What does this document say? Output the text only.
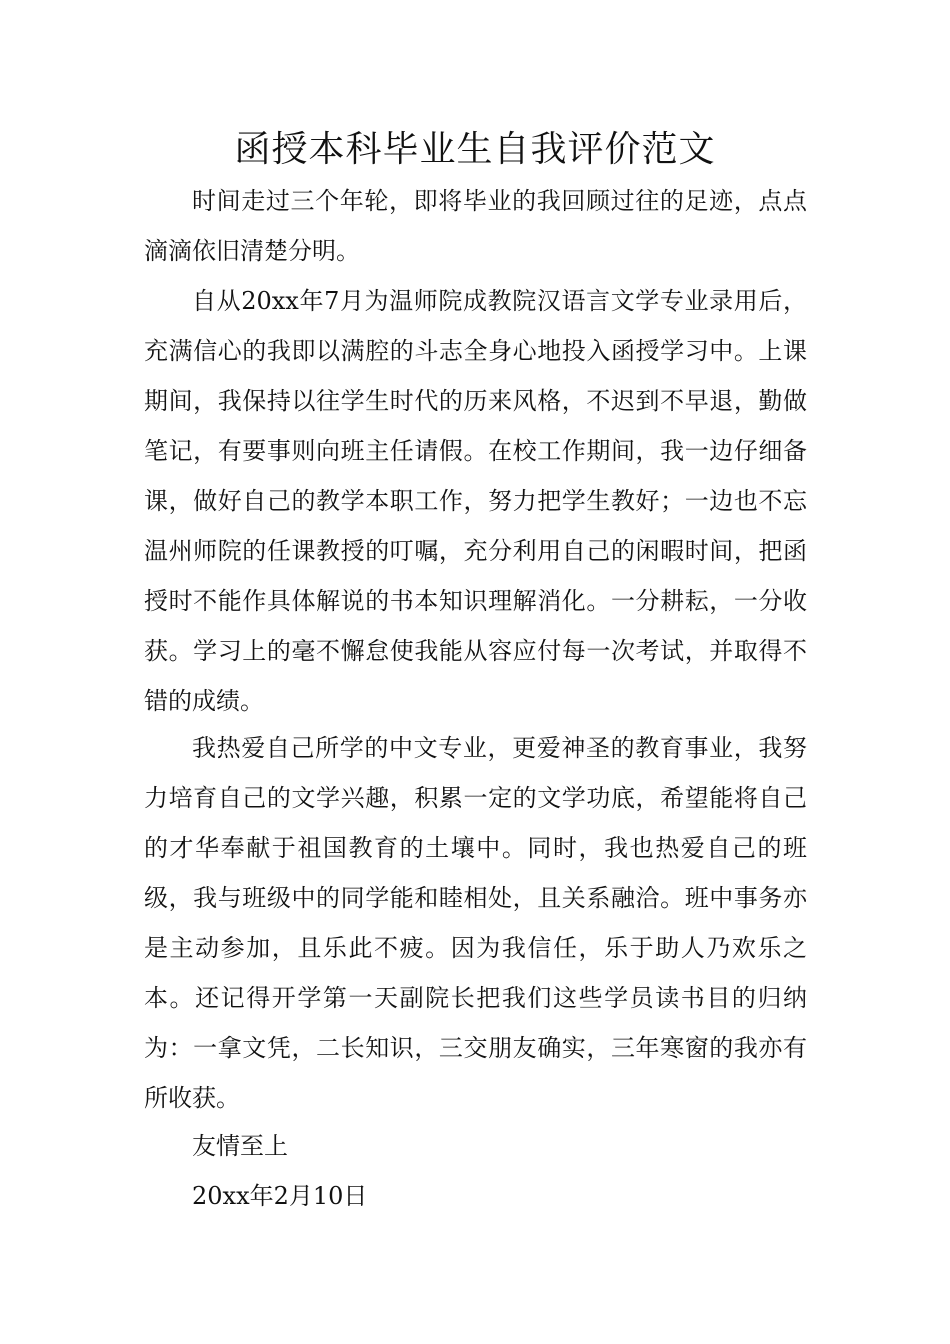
函授本科毕业生自我评价范文

时间走过三个年轮，即将毕业的我回顾过往的足迹，点点滴滴依旧清楚分明。

自从20xx年7月为温师院成教院汉语言文学专业录用后，充满信心的我即以满腔的斗志全身心地投入函授学习中。上课期间，我保持以往学生时代的历来风格，不迟到不早退，勤做笔记，有要事则向班主任请假。在校工作期间，我一边仔细备课，做好自己的教学本职工作，努力把学生教好；一边也不忘温州师院的任课教授的叮嘱，充分利用自己的闲暇时间，把函授时不能作具体解说的书本知识理解消化。一分耕耘，一分收获。学习上的毫不懈怠使我能从容应付每一次考试，并取得不错的成绩。

我热爱自己所学的中文专业，更爱神圣的教育事业，我努力培育自己的文学兴趣，积累一定的文学功底，希望能将自己的才华奉献于祖国教育的土壤中。同时，我也热爱自己的班级，我与班级中的同学能和睦相处，且关系融洽。班中事务亦是主动参加，且乐此不疲。因为我信任，乐于助人乃欢乐之本。还记得开学第一天副院长把我们这些学员读书目的归纳为：一拿文凭，二长知识，三交朋友确实，三年寒窗的我亦有所收获。

友情至上
20xx年2月10日
